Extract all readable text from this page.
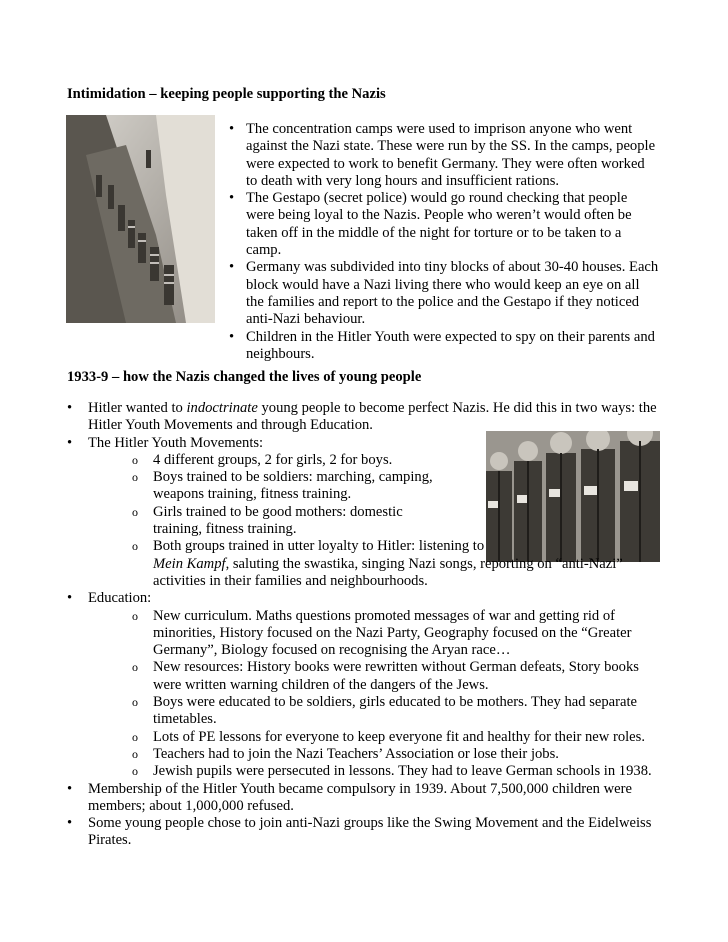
Intimidation – keeping people supporting the Nazis
• The concentration camps were used to imprison anyone who went against the Nazi state. These were run by the SS. In the camps, people were expected to work to benefit Germany. They were often worked to death with very long hours and insufficient rations.
• The Gestapo (secret police) would go round checking that people were being loyal to the Nazis. People who weren’t would often be taken off in the middle of the night for torture or to be taken to a camp.
• Germany was subdivided into tiny blocks of about 30-40 houses. Each block would have a Nazi living there who would keep an eye on all the families and report to the police and the Gestapo if they noticed anti-Nazi behaviour.
• Children in the Hitler Youth were expected to spy on their parents and neighbours.
1933-9 – how the Nazis changed the lives of young people
• Hitler wanted to indoctrinate young people to become perfect Nazis. He did this in two ways: the Hitler Youth Movements and through Education.
• The Hitler Youth Movements:
o 4 different groups, 2 for girls, 2 for boys.
o Boys trained to be soldiers: marching, camping, weapons training, fitness training.
o Girls trained to be good mothers: domestic training, fitness training.
o Both groups trained in utter loyalty to Hitler: listening to
Mein Kampf, saluting the swastika, singing Nazi songs, reporting on “anti-Nazi” activities in their families and neighbourhoods.
• Education:
o New curriculum. Maths questions promoted messages of war and getting rid of minorities, History focused on the Nazi Party, Geography focused on the “Greater Germany”, Biology focused on recognising the Aryan race…
o New resources: History books were rewritten without German defeats, Story books were written warning children of the dangers of the Jews.
o Boys were educated to be soldiers, girls educated to be mothers. They had separate timetables.
o Lots of PE lessons for everyone to keep everyone fit and healthy for their new roles.
o Teachers had to join the Nazi Teachers’ Association or lose their jobs.
o Jewish pupils were persecuted in lessons. They had to leave German schools in 1938.
• Membership of the Hitler Youth became compulsory in 1939. About 7,500,000 children were members; about 1,000,000 refused.
• Some young people chose to join anti-Nazi groups like the Swing Movement and the Eidelweiss Pirates.
